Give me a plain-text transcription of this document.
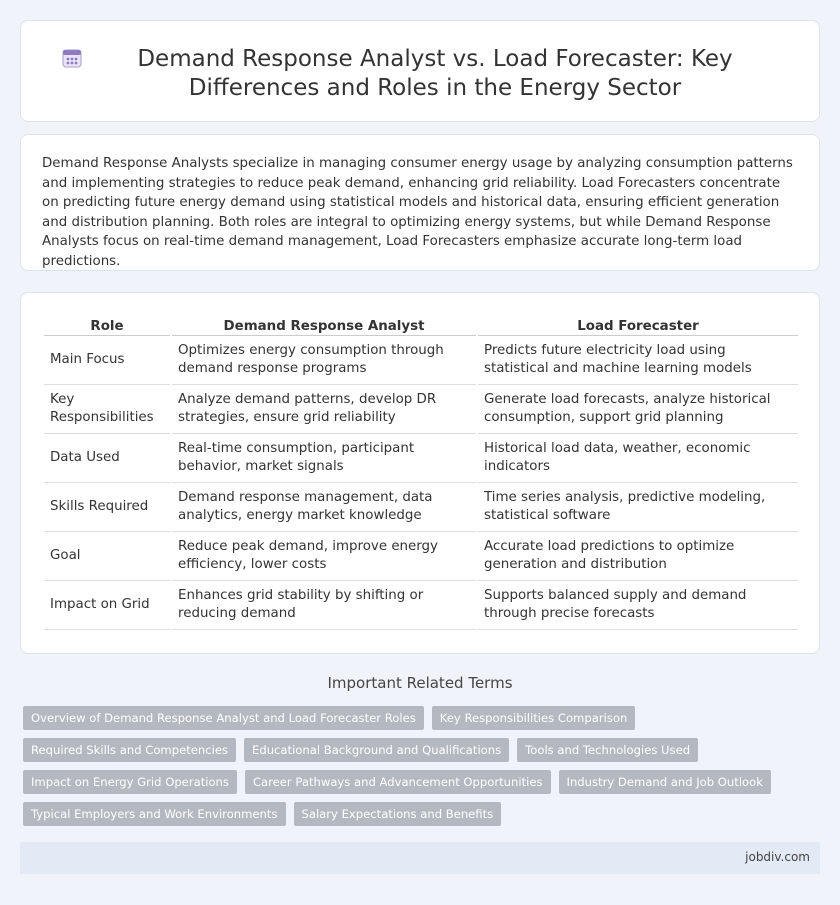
Demand Response Analyst vs. Load Forecaster: Key Differences and Roles in the Energy Sector

Demand Response Analysts specialize in managing consumer energy usage by analyzing consumption patterns and implementing strategies to reduce peak demand, enhancing grid reliability. Load Forecasters concentrate on predicting future energy demand using statistical models and historical data, ensuring efficient generation and distribution planning. Both roles are integral to optimizing energy systems, but while Demand Response Analysts focus on real-time demand management, Load Forecasters emphasize accurate long-term load predictions.

Role	Demand Response Analyst	Load Forecaster
Main Focus	Optimizes energy consumption through demand response programs	Predicts future electricity load using statistical and machine learning models
Key Responsibilities	Analyze demand patterns, develop DR strategies, ensure grid reliability	Generate load forecasts, analyze historical consumption, support grid planning
Data Used	Real-time consumption, participant behavior, market signals	Historical load data, weather, economic indicators
Skills Required	Demand response management, data analytics, energy market knowledge	Time series analysis, predictive modeling, statistical software
Goal	Reduce peak demand, improve energy efficiency, lower costs	Accurate load predictions to optimize generation and distribution
Impact on Grid	Enhances grid stability by shifting or reducing demand	Supports balanced supply and demand through precise forecasts
Important Related Terms
Overview of Demand Response Analyst and Load Forecaster Roles	Key Responsibilities Comparison
Required Skills and Competencies	Educational Background and Qualifications	Tools and Technologies Used
Impact on Energy Grid Operations	Career Pathways and Advancement Opportunities	Industry Demand and Job Outlook
Typical Employers and Work Environments	Salary Expectations and Benefits
jobdiv.com
